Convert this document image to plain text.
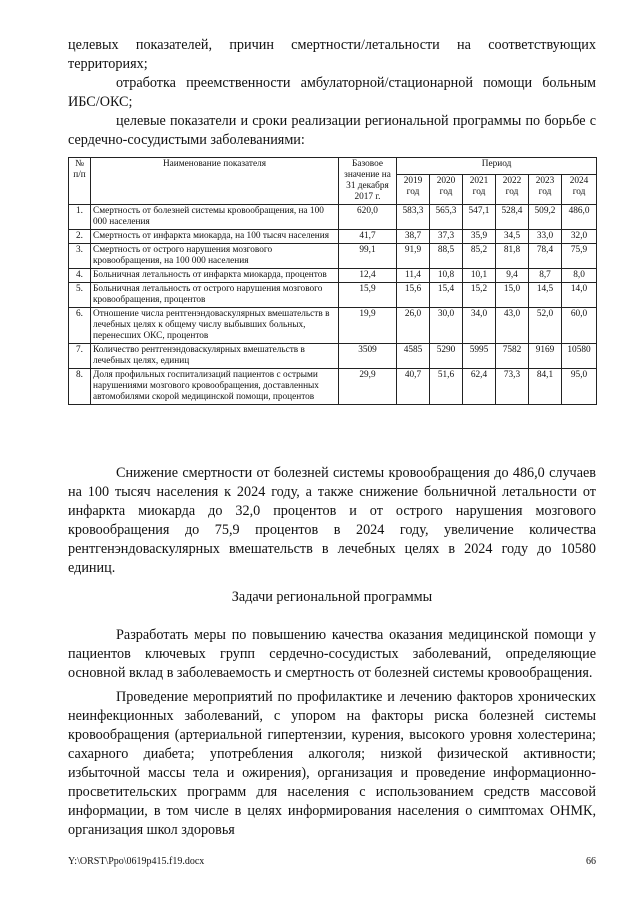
целевых показателей, причин смертности/летальности на соответствующих территориях;

отработка преемственности амбулаторной/стационарной помощи больным ИБС/ОКС;

целевые показатели и сроки реализации региональной программы по борьбе с сердечно-сосудистыми заболеваниями:

№ п/п	Наименование показателя	Базовое значение на 31 декабря 2017 г.	Период					
			2019 год	2020 год	2021 год	2022 год	2023 год	2024 год
1.	Смертность от болезней системы кровообращения, на 100 000 населения	620,0	583,3	565,3	547,1	528,4	509,2	486,0
2.	Смертность от инфаркта миокарда, на 100 тысяч населения	41,7	38,7	37,3	35,9	34,5	33,0	32,0
3.	Смертность от острого нарушения мозгового кровообращения, на 100 000 населения	99,1	91,9	88,5	85,2	81,8	78,4	75,9
4.	Больничная летальность от инфаркта миокарда, процентов	12,4	11,4	10,8	10,1	9,4	8,7	8,0
5.	Больничная летальность от острого нарушения мозгового кровообращения, процентов	15,9	15,6	15,4	15,2	15,0	14,5	14,0
6.	Отношение числа рентгенэндоваскулярных вмешательств в лечебных целях к общему числу выбывших больных, перенесших ОКС, процентов	19,9	26,0	30,0	34,0	43,0	52,0	60,0
7.	Количество рентгенэндоваскулярных вмешательств в лечебных целях, единиц	3509	4585	5290	5995	7582	9169	10580
8.	Доля профильных госпитализаций пациентов с острыми нарушениями мозгового кровообращения, доставленных автомобилями скорой медицинской помощи, процентов	29,9	40,7	51,6	62,4	73,3	84,1	95,0

Снижение смертности от болезней системы кровообращения до 486,0 случаев на 100 тысяч населения к 2024 году, а также снижение больничной летальности от инфаркта миокарда до 32,0 процентов и от острого нарушения мозгового кровообращения до 75,9 процентов в 2024 году, увеличение количества рентгенэндоваскулярных вмешательств в лечебных целях в 2024 году до 10580 единиц.

Задачи региональной программы

Разработать меры по повышению качества оказания медицинской помощи у пациентов ключевых групп сердечно-сосудистых заболеваний, определяющие основной вклад в заболеваемость и смертность от болезней системы кровообращения.

Проведение мероприятий по профилактике и лечению факторов хронических неинфекционных заболеваний, с упором на факторы риска болезней системы кровообращения (артериальной гипертензии, курения, высокого уровня холестерина; сахарного диабета; употребления алкоголя; низкой физической активности; избыточной массы тела и ожирения), организация и проведение информационно-просветительских программ для населения с использованием средств массовой информации, в том числе в целях информирования населения о симптомах ОНМК, организация школ здоровья

Y:\ORST\Ppo\0619p415.f19.docx	66
